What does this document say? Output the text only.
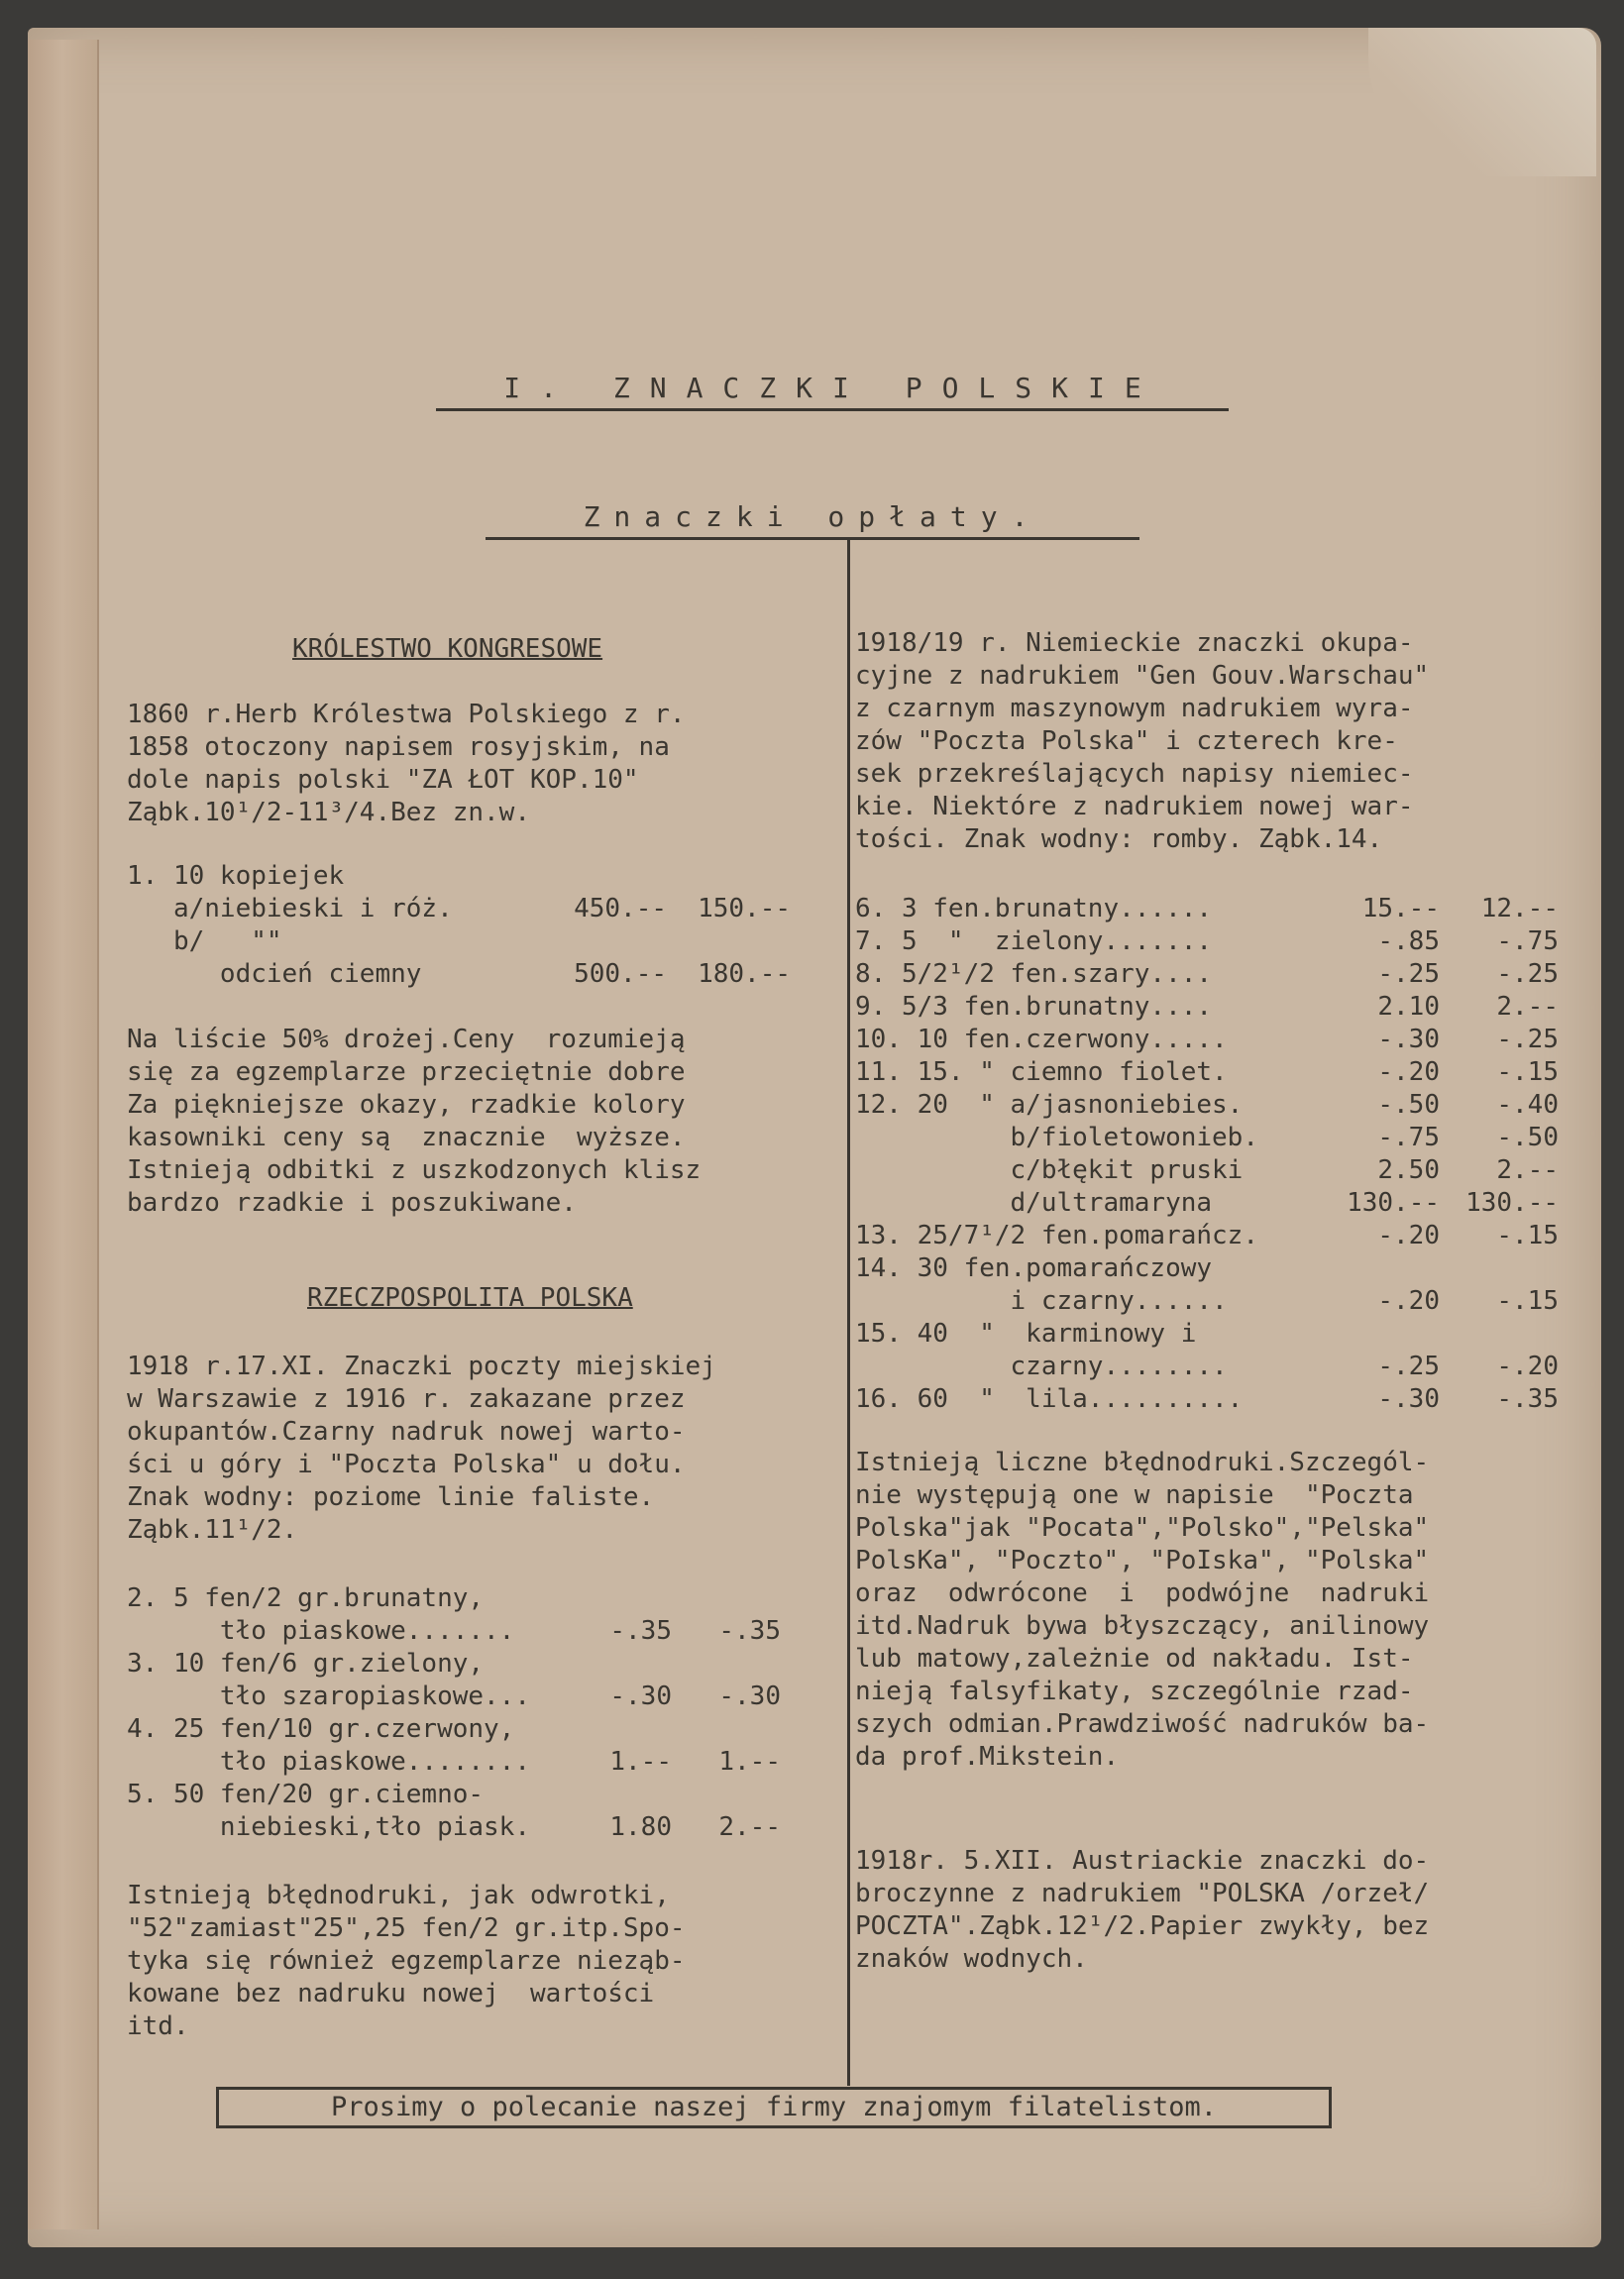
I. ZNACZKI POLSKIE
Znaczki opłaty.
KRÓLESTWO KONGRESOWE
1860 r.Herb Królestwa Polskiego z r.
1858 otoczony napisem rosyjskim, na
dole napis polski "ZA ŁOT KOP.10"
Ząbk.10¹/2-11³/4.Bez zn.w.
1. 10 kopiejek
a/niebieski i róż.	450.--	150.--
b/   ""
odcień ciemny	500.--	180.--
Na liście 50% drożej.Ceny  rozumieją
się za egzemplarze przeciętnie dobre
Za piękniejsze okazy, rzadkie kolory
kasowniki ceny są  znacznie  wyższe.
Istnieją odbitki z uszkodzonych klisz
bardzo rzadkie i poszukiwane.
RZECZPOSPOLITA POLSKA
1918 r.17.XI. Znaczki poczty miejskiej
w Warszawie z 1916 r. zakazane przez
okupantów.Czarny nadruk nowej warto-
ści u góry i "Poczta Polska" u dołu.
Znak wodny: poziome linie faliste.
Ząbk.11¹/2.
2. 5 fen/2 gr.brunatny,
tło piaskowe.......	-.35	-.35
3. 10 fen/6 gr.zielony,
tło szaropiaskowe...	-.30	-.30
4. 25 fen/10 gr.czerwony,
tło piaskowe........	1.--	1.--
5. 50 fen/20 gr.ciemno-
niebieski,tło piask.	1.80	2.--
Istnieją błędnodruki, jak odwrotki,
"52"zamiast"25",25 fen/2 gr.itp.Spo-
tyka się również egzemplarze nieząb-
kowane bez nadruku nowej  wartości
itd.
1918/19 r. Niemieckie znaczki okupa-
cyjne z nadrukiem "Gen Gouv.Warschau"
z czarnym maszynowym nadrukiem wyra-
zów "Poczta Polska" i czterech kre-
sek przekreślających napisy niemiec-
kie. Niektóre z nadrukiem nowej war-
tości. Znak wodny: romby. Ząbk.14.
6. 3 fen.brunatny......	15.--	12.--
7. 5  "  zielony.......	-.85	-.75
8. 5/2¹/2 fen.szary....	-.25	-.25
9. 5/3 fen.brunatny....	2.10	2.--
10. 10 fen.czerwony.....	-.30	-.25
11. 15. " ciemno fiolet.	-.20	-.15
12. 20  " a/jasnoniebies.	-.50	-.40
b/fioletowonieb.	-.75	-.50
c/błękit pruski	2.50	2.--
d/ultramaryna	130.--	130.--
13. 25/7¹/2 fen.pomarańcz.	-.20	-.15
14. 30 fen.pomarańczowy
i czarny......	-.20	-.15
15. 40  "  karminowy i
czarny........	-.25	-.20
16. 60  "  lila..........	-.30	-.35
Istnieją liczne błędnodruki.Szczegól-
nie występują one w napisie  "Poczta
Polska"jak "Pocata","Polsko","Pelska"
PolsKa", "Poczto", "PoIska", "Polska"
oraz  odwrócone  i  podwójne  nadruki
itd.Nadruk bywa błyszczący, anilinowy
lub matowy,zależnie od nakładu. Ist-
nieją falsyfikaty, szczególnie rzad-
szych odmian.Prawdziwość nadruków ba-
da prof.Mikstein.
1918r. 5.XII. Austriackie znaczki do-
broczynne z nadrukiem "POLSKA /orzeł/
POCZTA".Ząbk.12¹/2.Papier zwykły, bez
znaków wodnych.
Prosimy o polecanie naszej firmy znajomym filatelistom.
